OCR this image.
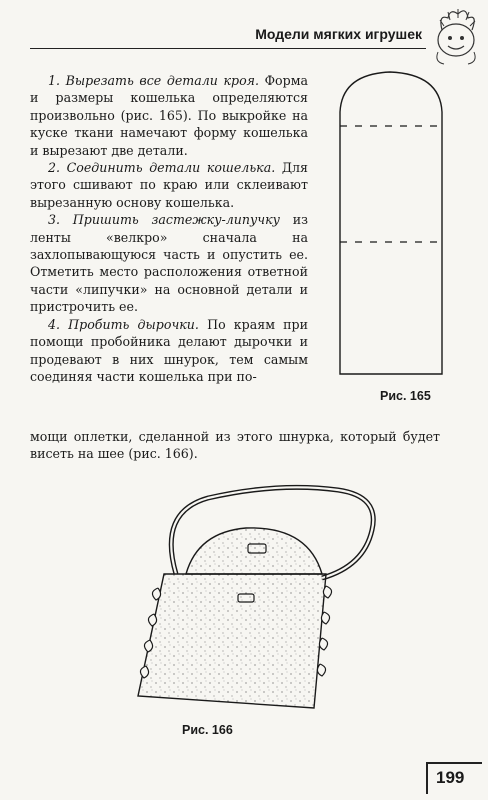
Модели мягких игрушек

1. Вырезать все детали кроя. Форма и размеры кошелька определяются произвольно (рис. 165). По выкройке на куске ткани намечают форму кошелька и вырезают две детали.

2. Соединить детали кошелька. Для этого сшивают по краю или склеивают вырезанную основу кошелька.

3. Пришить застежку-липучку из ленты «велкро» сначала на захлопывающуюся часть и опустить ее. Отметить место расположения ответной части «липучки» на основной детали и пристрочить ее.

4. Пробить дырочки. По краям при помощи пробойника делают дырочки и продевают в них шнурок, тем самым соединяя части кошелька при по-

мощи оплетки, сделанной из этого шнурка, который будет висеть на шее (рис. 166).

Рис. 165
Рис. 166
199
